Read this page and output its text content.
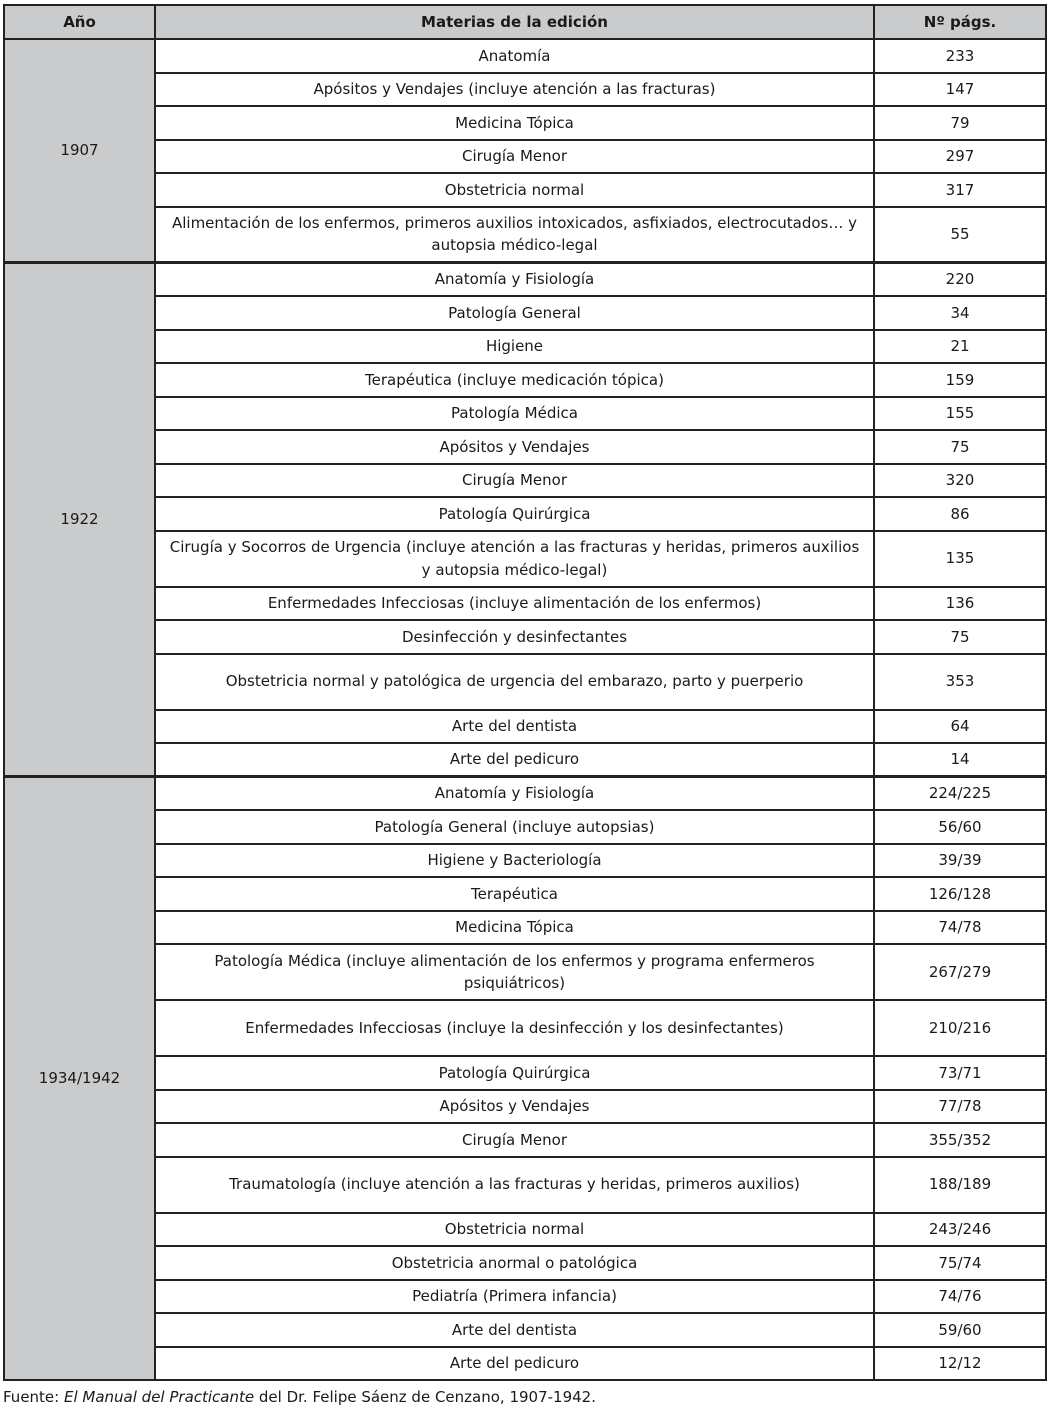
Año	Materias de la edición	Nº págs.
1907	Anatomía	233
	Apósitos y Vendajes (incluye atención a las fracturas)	147
	Medicina Tópica	79
	Cirugía Menor	297
	Obstetricia normal	317
	Alimentación de los enfermos, primeros auxilios intoxicados, asfixiados, electrocutados… y autopsia médico-legal	55
1922	Anatomía y Fisiología	220
	Patología General	34
	Higiene	21
	Terapéutica (incluye medicación tópica)	159
	Patología Médica	155
	Apósitos y Vendajes	75
	Cirugía Menor	320
	Patología Quirúrgica	86
	Cirugía y Socorros de Urgencia (incluye atención a las fracturas y heridas, primeros auxilios y autopsia médico-legal)	135
	Enfermedades Infecciosas (incluye alimentación de los enfermos)	136
	Desinfección y desinfectantes	75
	Obstetricia normal y patológica de urgencia del embarazo, parto y puerperio	353
	Arte del dentista	64
	Arte del pedicuro	14
1934/1942	Anatomía y Fisiología	224/225
	Patología General (incluye autopsias)	56/60
	Higiene y Bacteriología	39/39
	Terapéutica	126/128
	Medicina Tópica	74/78
	Patología Médica (incluye alimentación de los enfermos y programa enfermeros psiquiátricos)	267/279
	Enfermedades Infecciosas (incluye la desinfección y los desinfectantes)	210/216
	Patología Quirúrgica	73/71
	Apósitos y Vendajes	77/78
	Cirugía Menor	355/352
	Traumatología (incluye atención a las fracturas y heridas, primeros auxilios)	188/189
	Obstetricia normal	243/246
	Obstetricia anormal o patológica	75/74
	Pediatría (Primera infancia)	74/76
	Arte del dentista	59/60
	Arte del pedicuro	12/12
Fuente: El Manual del Practicante del Dr. Felipe Sáenz de Cenzano, 1907-1942.
